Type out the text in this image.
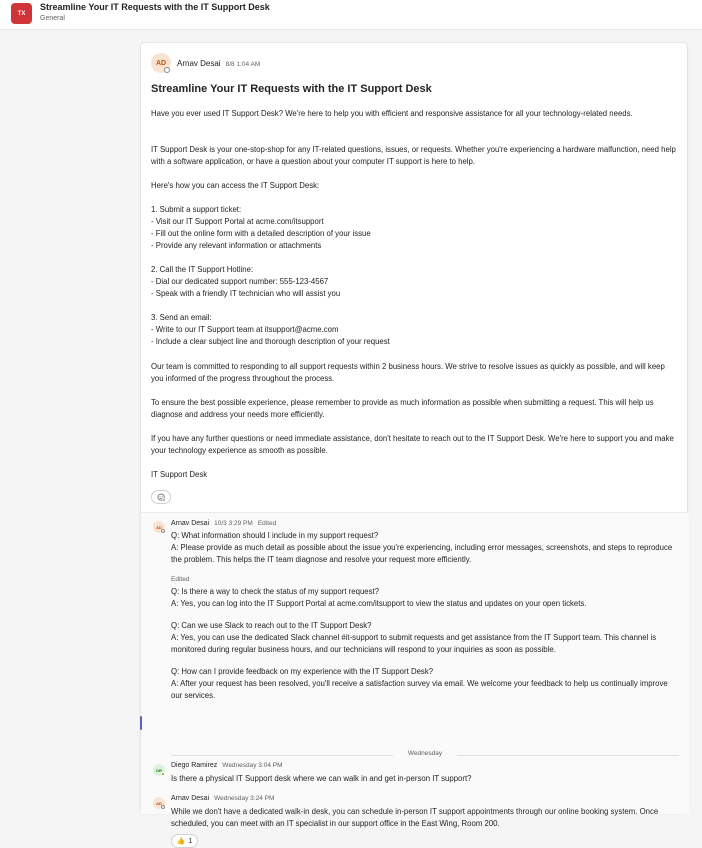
TX
Streamline Your IT Requests with the IT Support Desk
General
AD	Arnav Desai 8/8 1:04 AM
Streamline Your IT Requests with the IT Support Desk
Have you ever used IT Support Desk? We're here to help you with efficient and responsive assistance for all your technology-related needs.
IT Support Desk is your one-stop-shop for any IT-related questions, issues, or requests. Whether you're experiencing a hardware malfunction, need help with a software application, or have a question about your computer IT support is here to help.
Here's how you can access the IT Support Desk:
1. Submit a support ticket:
- Visit our IT Support Portal at acme.com/itsupport
- Fill out the online form with a detailed description of your issue
- Provide any relevant information or attachments
2. Call the IT Support Hotline:
- Dial our dedicated support number: 555-123-4567
- Speak with a friendly IT technician who will assist you
3. Send an email:
- Write to our IT Support team at itsupport@acme.com
- Include a clear subject line and thorough description of your request
Our team is committed to responding to all support requests within 2 business hours. We strive to resolve issues as quickly as possible, and will keep you informed of the progress throughout the process.
To ensure the best possible experience, please remember to provide as much information as possible when submitting a request. This will help us diagnose and address your needs more efficiently.
If you have any further questions or need immediate assistance, don't hesitate to reach out to the IT Support Desk. We're here to support you and make your technology experience as smooth as possible.
IT Support Desk
AD	Arnav Desai 10/3 3:29 PM Edited
Q: What information should I include in my support request?
A: Please provide as much detail as possible about the issue you're experiencing, including error messages, screenshots, and steps to reproduce the problem. This helps the IT team diagnose and resolve your request more efficiently.
Edited
Q: Is there a way to check the status of my support request?
A: Yes, you can log into the IT Support Portal at acme.com/itsupport to view the status and updates on your open tickets.
Q: Can we use Slack to reach out to the IT Support Desk?
A: Yes, you can use the dedicated Slack channel #it-support to submit requests and get assistance from the IT Support team. This channel is monitored during regular business hours, and our technicians will respond to your inquiries as soon as possible.
Q: How can I provide feedback on my experience with the IT Support Desk?
A: After your request has been resolved, you'll receive a satisfaction survey via email. We welcome your feedback to help us continually improve our services.
Wednesday
DR
Diego Ramirez Wednesday 3:04 PM
Is there a physical IT Support desk where we can walk in and get in-person IT support?
AD
Arnav Desai Wednesday 3:24 PM
While we don't have a dedicated walk-in desk, you can schedule in-person IT support appointments through our online booking system. Once scheduled, you can meet with an IT specialist in our support office in the East Wing, Room 200.
👍 1
